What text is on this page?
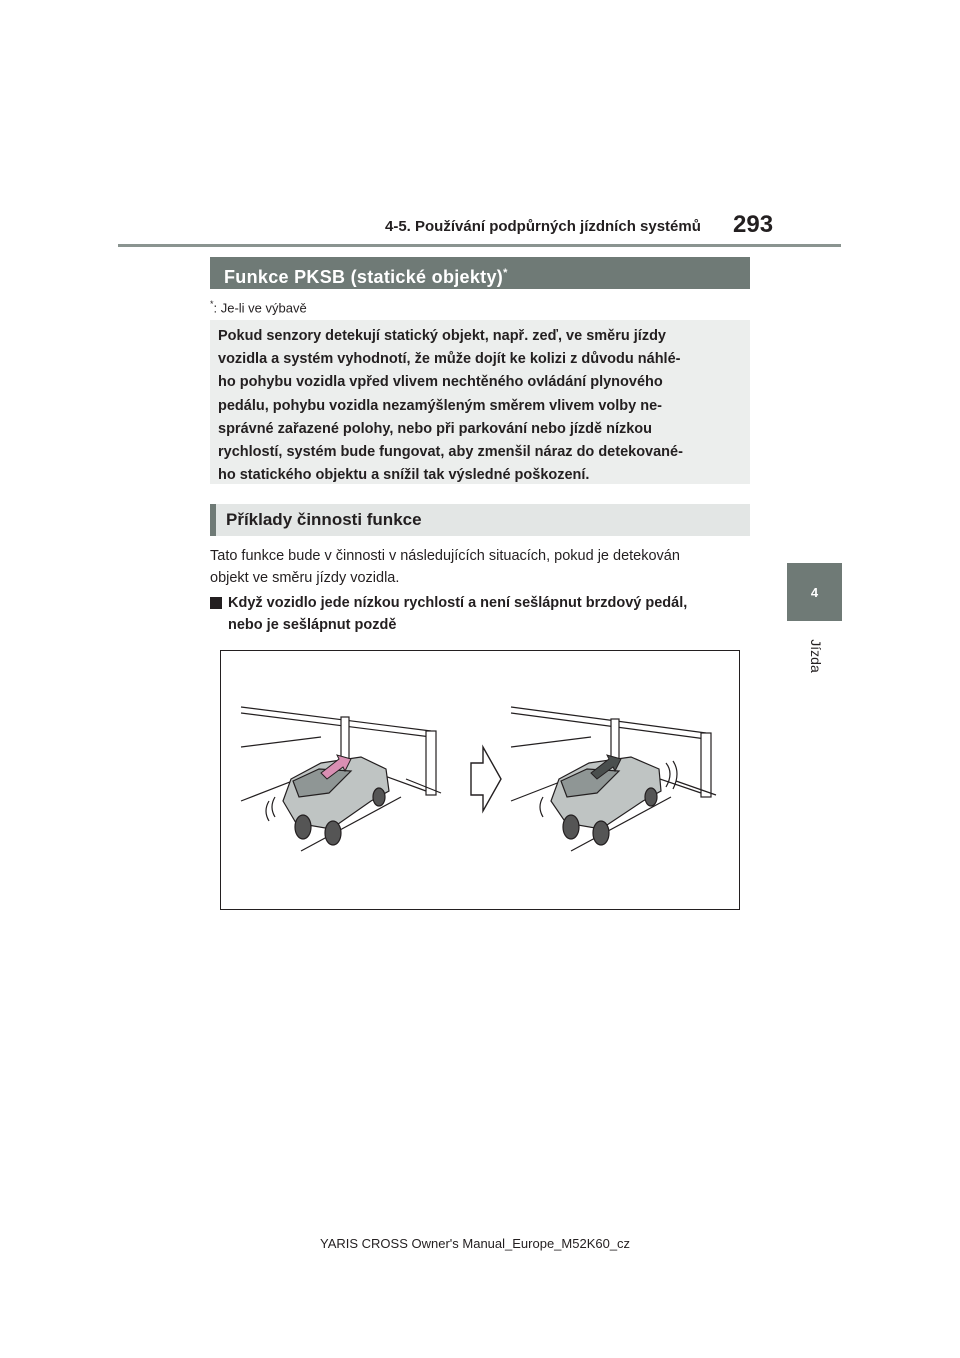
4-5. Používání podpůrných jízdních systémů 293
4
Jízda
Funkce PKSB (statické objekty)*
*: Je-li ve výbavě
Pokud senzory detekují statický objekt, např. zeď, ve směru jízdy
vozidla a systém vyhodnotí, že může dojít ke kolizi z důvodu náhlé-
ho pohybu vozidla vpřed vlivem nechtěného ovládání plynového
pedálu, pohybu vozidla nezamýšleným směrem vlivem volby ne-
správné zařazené polohy, nebo při parkování nebo jízdě nízkou
rychlostí, systém bude fungovat, aby zmenšil náraz do detekované-
ho statického objektu a snížil tak výsledné poškození.
Příklady činnosti funkce
Tato funkce bude v činnosti v následujících situacích, pokud je detekován
objekt ve směru jízdy vozidla.
Když vozidlo jede nízkou rychlostí a není sešlápnut brzdový pedál,
nebo je sešlápnut pozdě
YARIS CROSS Owner's Manual_Europe_M52K60_cz
